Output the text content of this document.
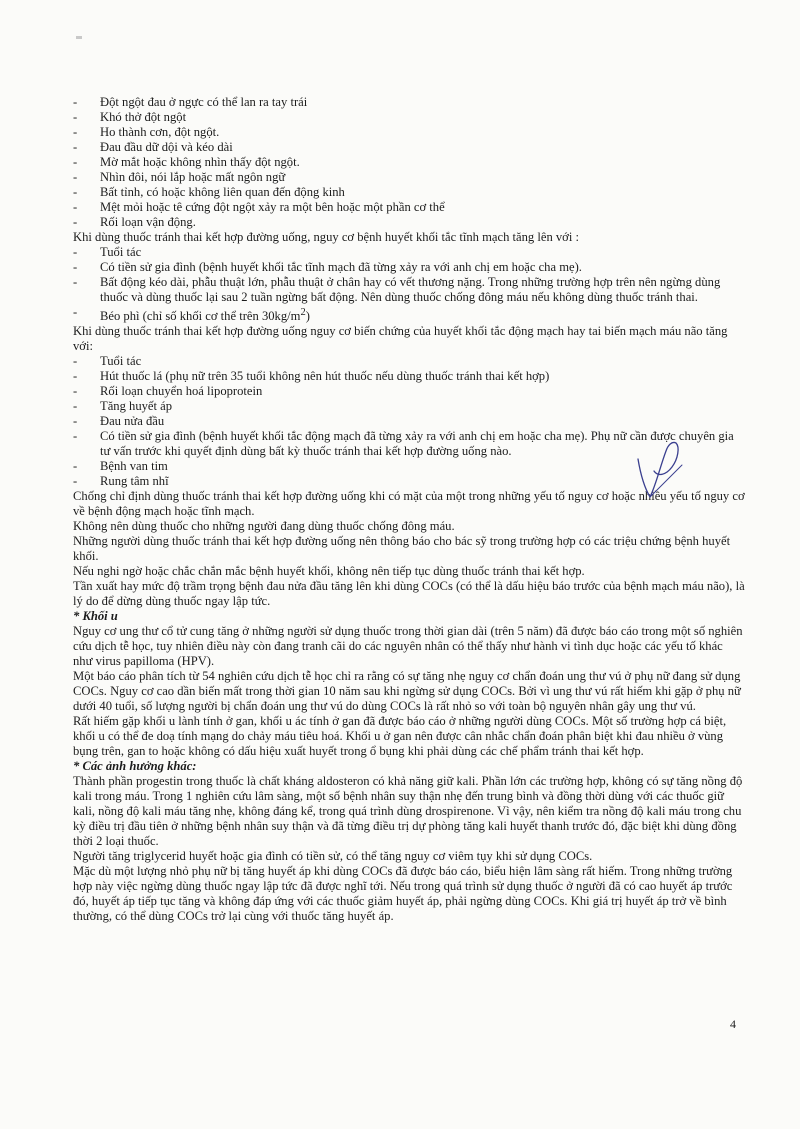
- Đột ngột đau ở ngực có thể lan ra tay trái
- Khó thở đột ngột
- Ho thành cơn, đột ngột.
- Đau đầu dữ dội và kéo dài
- Mờ mắt hoặc không nhìn thấy đột ngột.
- Nhìn đôi, nói lắp hoặc mất ngôn ngữ
- Bất tỉnh, có hoặc không liên quan đến động kinh
- Mệt mỏi hoặc tê cứng đột ngột xảy ra một bên hoặc một phần cơ thể
- Rối loạn vận động.

Khi dùng thuốc tránh thai kết hợp đường uống, nguy cơ bệnh huyết khối tắc tĩnh mạch tăng lên với :

- Tuổi tác
- Có tiền sử gia đình (bệnh huyết khối tắc tĩnh mạch đã từng xảy ra với anh chị em hoặc cha mẹ).
- Bất động kéo dài, phẫu thuật lớn, phẫu thuật ở chân hay có vết thương nặng. Trong những trường hợp trên nên ngừng dùng thuốc và dùng thuốc lại sau 2 tuần ngừng bất động. Nên dùng thuốc chống đông máu nếu không dùng thuốc tránh thai.
- Béo phì (chỉ số khối cơ thể trên $30kg/m^2$)

Khi dùng thuốc tránh thai kết hợp đường uống nguy cơ biến chứng của huyết khối tắc động mạch hay tai biến mạch máu não tăng với:

- Tuổi tác
- Hút thuốc lá (phụ nữ trên 35 tuổi không nên hút thuốc nếu dùng thuốc tránh thai kết hợp)
- Rối loạn chuyển hoá lipoprotein
- Tăng huyết áp
- Đau nửa đầu
- Có tiền sử gia đình (bệnh huyết khối tắc động mạch đã từng xảy ra với anh chị em hoặc cha mẹ). Phụ nữ cần được chuyên gia tư vấn trước khi quyết định dùng bất kỳ thuốc tránh thai kết hợp đường uống nào.
- Bệnh van tim
- Rung tâm nhĩ

Chống chỉ định dùng thuốc tránh thai kết hợp đường uống khi có mặt của một trong những yếu tố nguy cơ hoặc nhiều yếu tố nguy cơ về bệnh động mạch hoặc tĩnh mạch.

Không nên dùng thuốc cho những người đang dùng thuốc chống đông máu.

Những người dùng thuốc tránh thai kết hợp đường uống nên thông báo cho bác sỹ trong trường hợp có các triệu chứng bệnh huyết khối.

Nếu nghi ngờ hoặc chắc chắn mắc bệnh huyết khối, không nên tiếp tục dùng thuốc tránh thai kết hợp.

Tần xuất hay mức độ trầm trọng bệnh đau nửa đầu tăng lên khi dùng COCs (có thể là dấu hiệu báo trước của bệnh mạch máu não), là lý do để dừng dùng thuốc ngay lập tức.

* Khối u

Nguy cơ ung thư cổ tử cung tăng ở những người sử dụng thuốc trong thời gian dài (trên 5 năm) đã được báo cáo trong một số nghiên cứu dịch tễ học, tuy nhiên điều này còn đang tranh cãi do các nguyên nhân có thể thấy như hành vi tình dục hoặc các yếu tố khác như virus papilloma (HPV).

Một báo cáo phân tích từ 54 nghiên cứu dịch tễ học chỉ ra rằng có sự tăng nhẹ nguy cơ chẩn đoán ung thư vú ở phụ nữ đang sử dụng COCs. Nguy cơ cao dần biến mất trong thời gian 10 năm sau khi ngừng sử dụng COCs. Bởi vì ung thư vú rất hiếm khi gặp ở phụ nữ dưới 40 tuổi, số lượng người bị chẩn đoán ung thư vú do dùng COCs là rất nhỏ so với toàn bộ nguyên nhân gây ung thư vú.

Rất hiếm gặp khối u lành tính ở gan, khối u ác tính ở gan đã được báo cáo ở những người dùng COCs. Một số trường hợp cá biệt, khối u có thể đe doạ tính mạng do chảy máu tiêu hoá. Khối u ở gan nên được cân nhắc chẩn đoán phân biệt khi đau nhiều ở vùng bụng trên, gan to hoặc không có dấu hiệu xuất huyết trong ổ bụng khi phải dùng các chế phẩm tránh thai kết hợp.

* Các ảnh hưởng khác:

Thành phần progestin trong thuốc là chất kháng aldosteron có khả năng giữ kali. Phần lớn các trường hợp, không có sự tăng nồng độ kali trong máu. Trong 1 nghiên cứu lâm sàng, một số bệnh nhân suy thận nhẹ đến trung bình và đồng thời dùng với các thuốc giữ kali, nồng độ kali máu tăng nhẹ, không đáng kể, trong quá trình dùng drospirenone. Vì vậy, nên kiểm tra nồng độ kali máu trong chu kỳ điều trị đầu tiên ở những bệnh nhân suy thận và đã từng điều trị dự phòng tăng kali huyết thanh trước đó, đặc biệt khi dùng đồng thời 2 loại thuốc.

Người tăng triglycerid huyết hoặc gia đình có tiền sử, có thể tăng nguy cơ viêm tụy khi sử dụng COCs.

Mặc dù một lượng nhỏ phụ nữ bị tăng huyết áp khi dùng COCs đã được báo cáo, biểu hiện lâm sàng rất hiếm. Trong những trường hợp này việc ngừng dùng thuốc ngay lập tức đã được nghĩ tới. Nếu trong quá trình sử dụng thuốc ở người đã có cao huyết áp trước đó, huyết áp tiếp tục tăng và không đáp ứng với các thuốc giảm huyết áp, phải ngừng dùng COCs. Khi giá trị huyết áp trở về bình thường, có thể dùng COCs trở lại cùng với thuốc tăng huyết áp.

4
